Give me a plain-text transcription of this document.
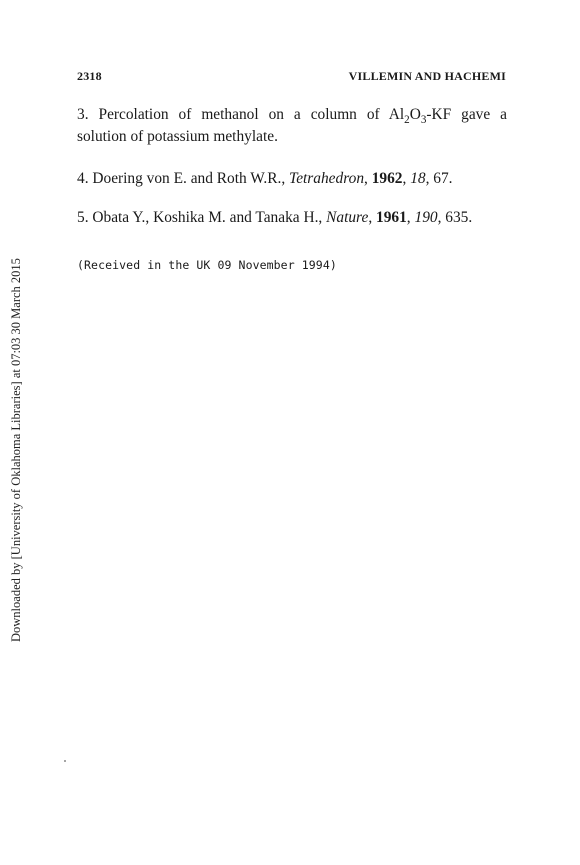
2318	VILLEMIN AND HACHEMI

3. Percolation of methanol on a column of $Al_2O_3-KF$ gave a
solution of potassium methylate.

4. Doering von E. and Roth W.R., Tetrahedron, 1962, 18, 67.

5. Obata Y., Koshika M. and Tanaka H., Nature, 1961, 190, 635.

(Received in the UK 09 November 1994)
Downloaded by [University of Oklahoma Libraries] at 07:03 30 March 2015
